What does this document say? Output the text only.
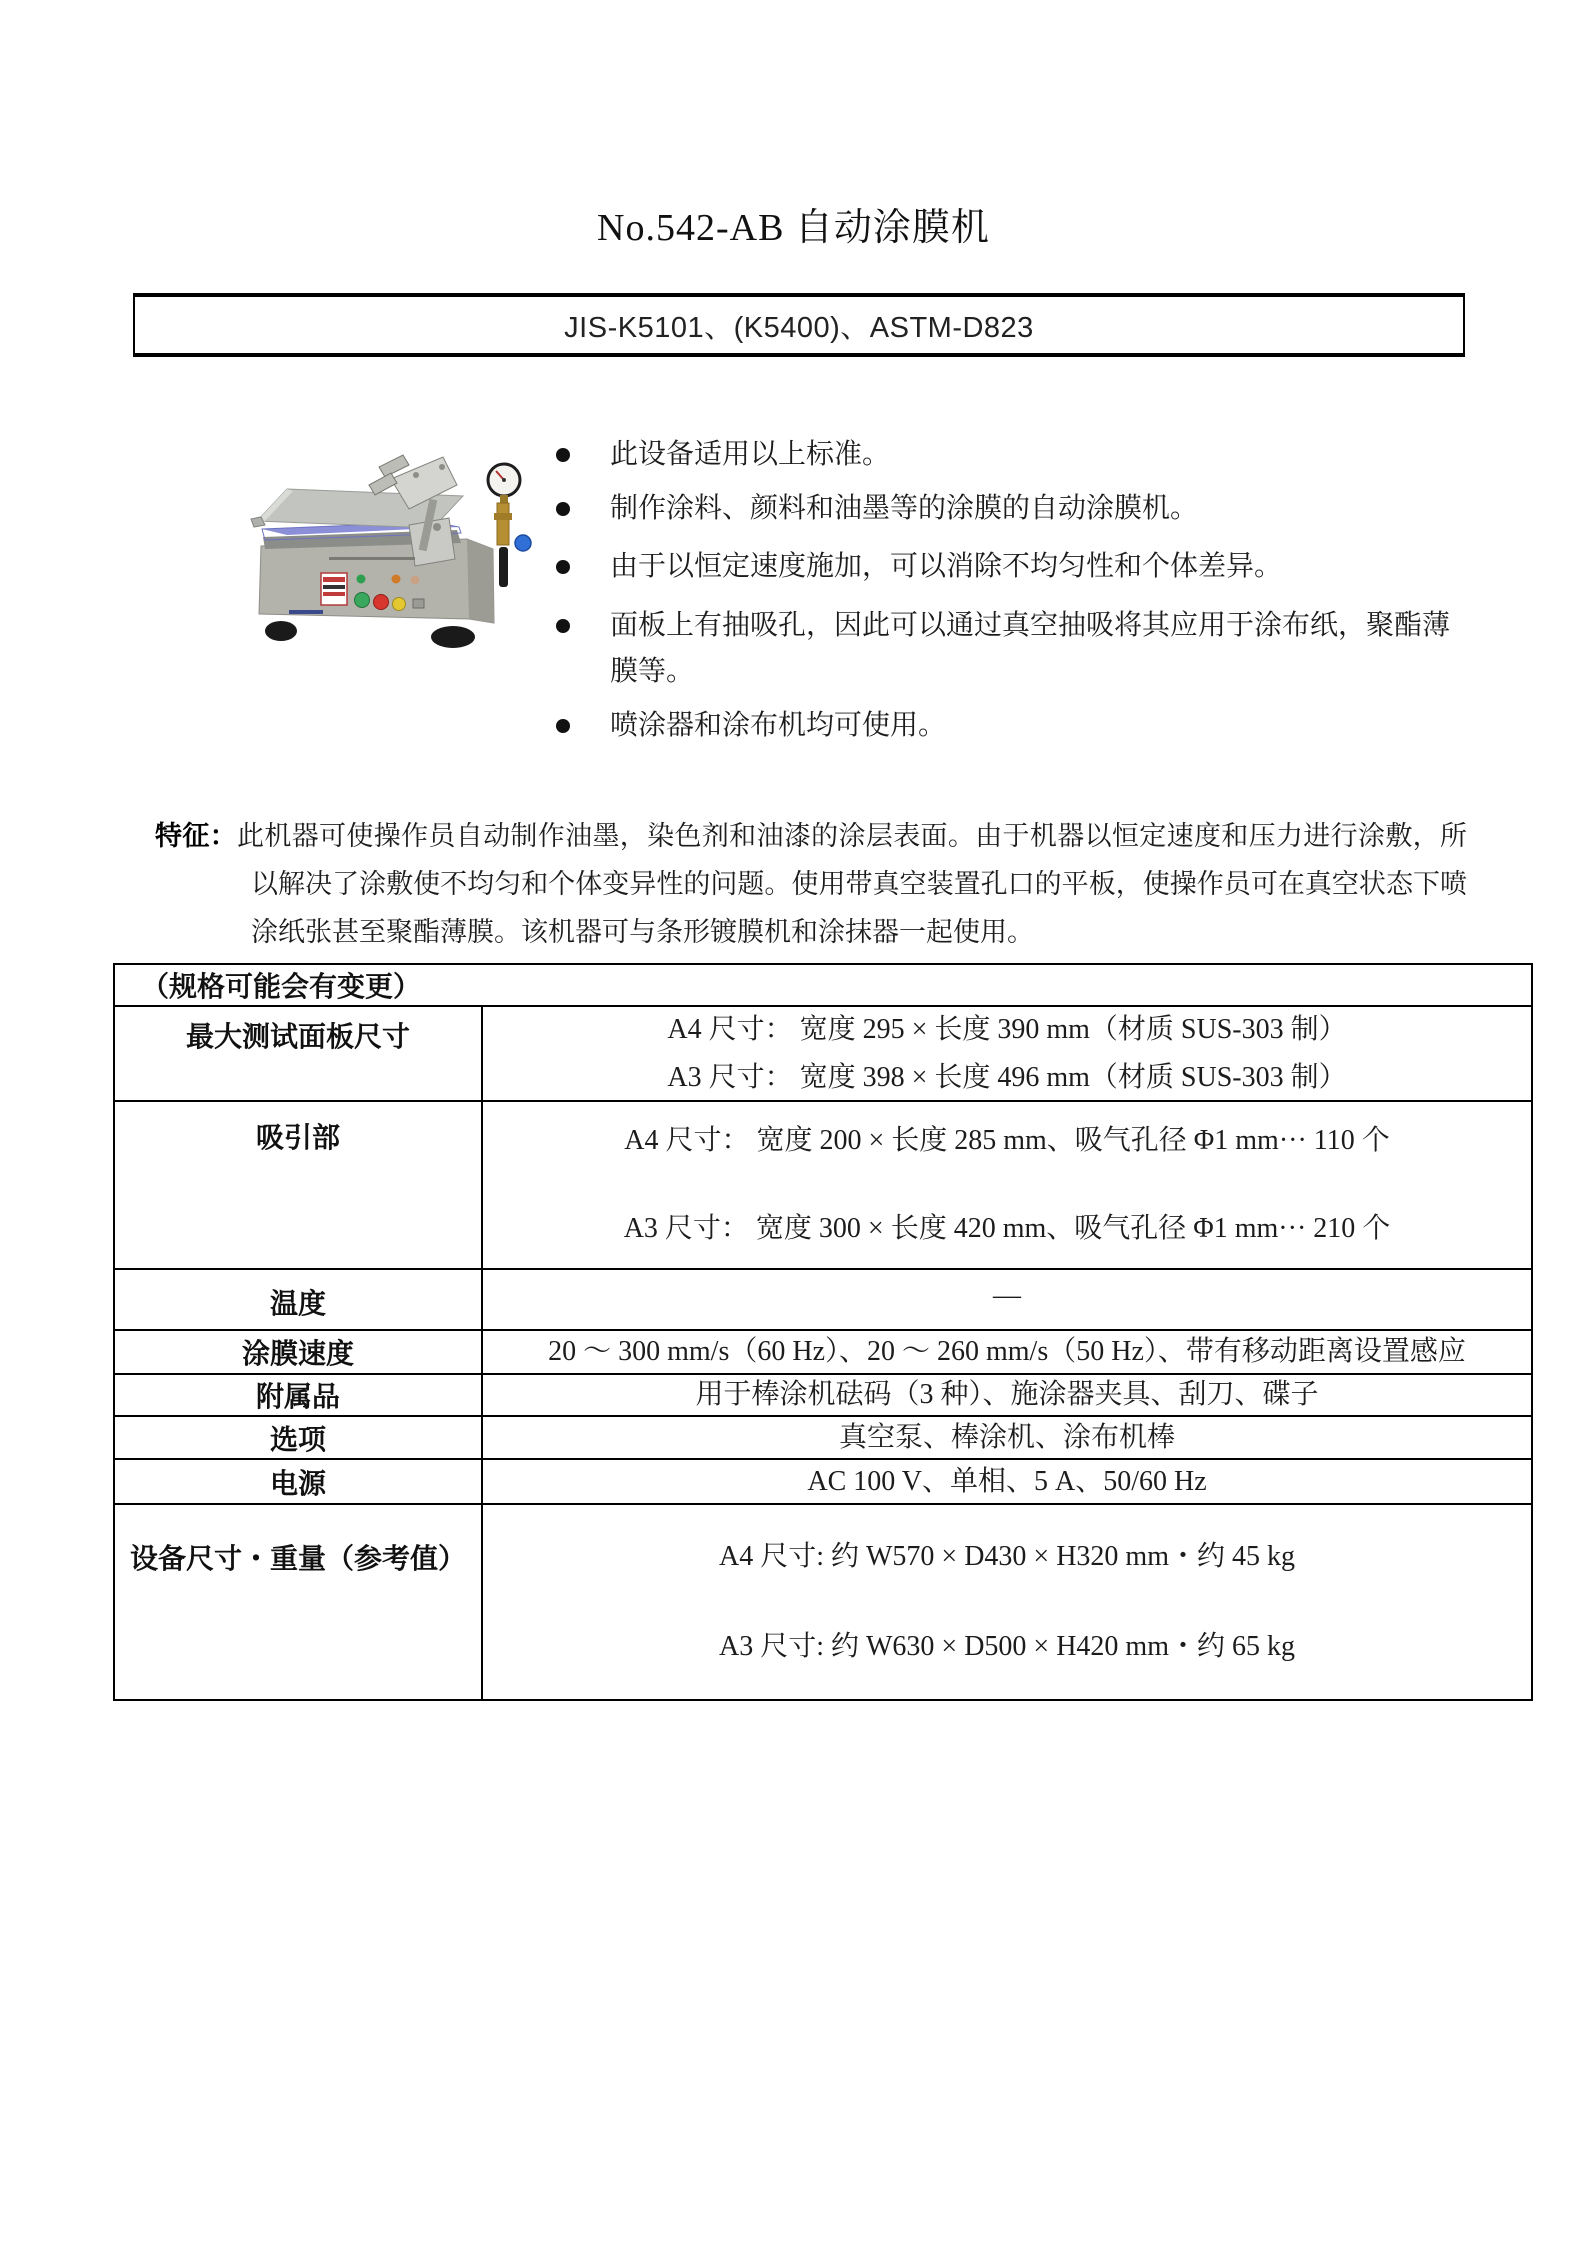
No.542-AB 自动涂膜机
JIS-K5101、(K5400)、ASTM-D823
此设备适用以上标准。
制作涂料、颜料和油墨等的涂膜的自动涂膜机。
由于以恒定速度施加，可以消除不均匀性和个体差异。
面板上有抽吸孔，因此可以通过真空抽吸将其应用于涂布纸，聚酯薄膜等。
喷涂器和涂布机均可使用。
特征：此机器可使操作员自动制作油墨，染色剂和油漆的涂层表面。由于机器以恒定速度和压力进行涂敷，所以解决了涂敷使不均匀和个体变异性的问题。使用带真空装置孔口的平板，使操作员可在真空状态下喷涂纸张甚至聚酯薄膜。该机器可与条形镀膜机和涂抹器一起使用。
（规格可能会有变更）
最大测试面板尺寸	A4 尺寸： 宽度 295 × 长度 390 mm（材质 SUS-303 制）
A3 尺寸： 宽度 398 × 长度 496 mm（材质 SUS-303 制）
吸引部	A4 尺寸： 宽度 200 × 长度 285 mm、吸气孔径 Φ1 mm··· 110 个
A3 尺寸： 宽度 300 × 长度 420 mm、吸气孔径 Φ1 mm··· 210 个
温度	—
涂膜速度	20 ～ 300 mm/s（60 Hz）、20 ～ 260 mm/s（50 Hz）、带有移动距离设置感应
附属品	用于棒涂机砝码（3 种）、施涂器夹具、刮刀、碟子
选项	真空泵、棒涂机、涂布机棒
电源	AC 100 V、单相、5 A、50/60 Hz
设备尺寸・重量（参考值）	A4 尺寸: 约 W570 × D430 × H320 mm・约 45 kg
A3 尺寸: 约 W630 × D500 × H420 mm・约 65 kg
